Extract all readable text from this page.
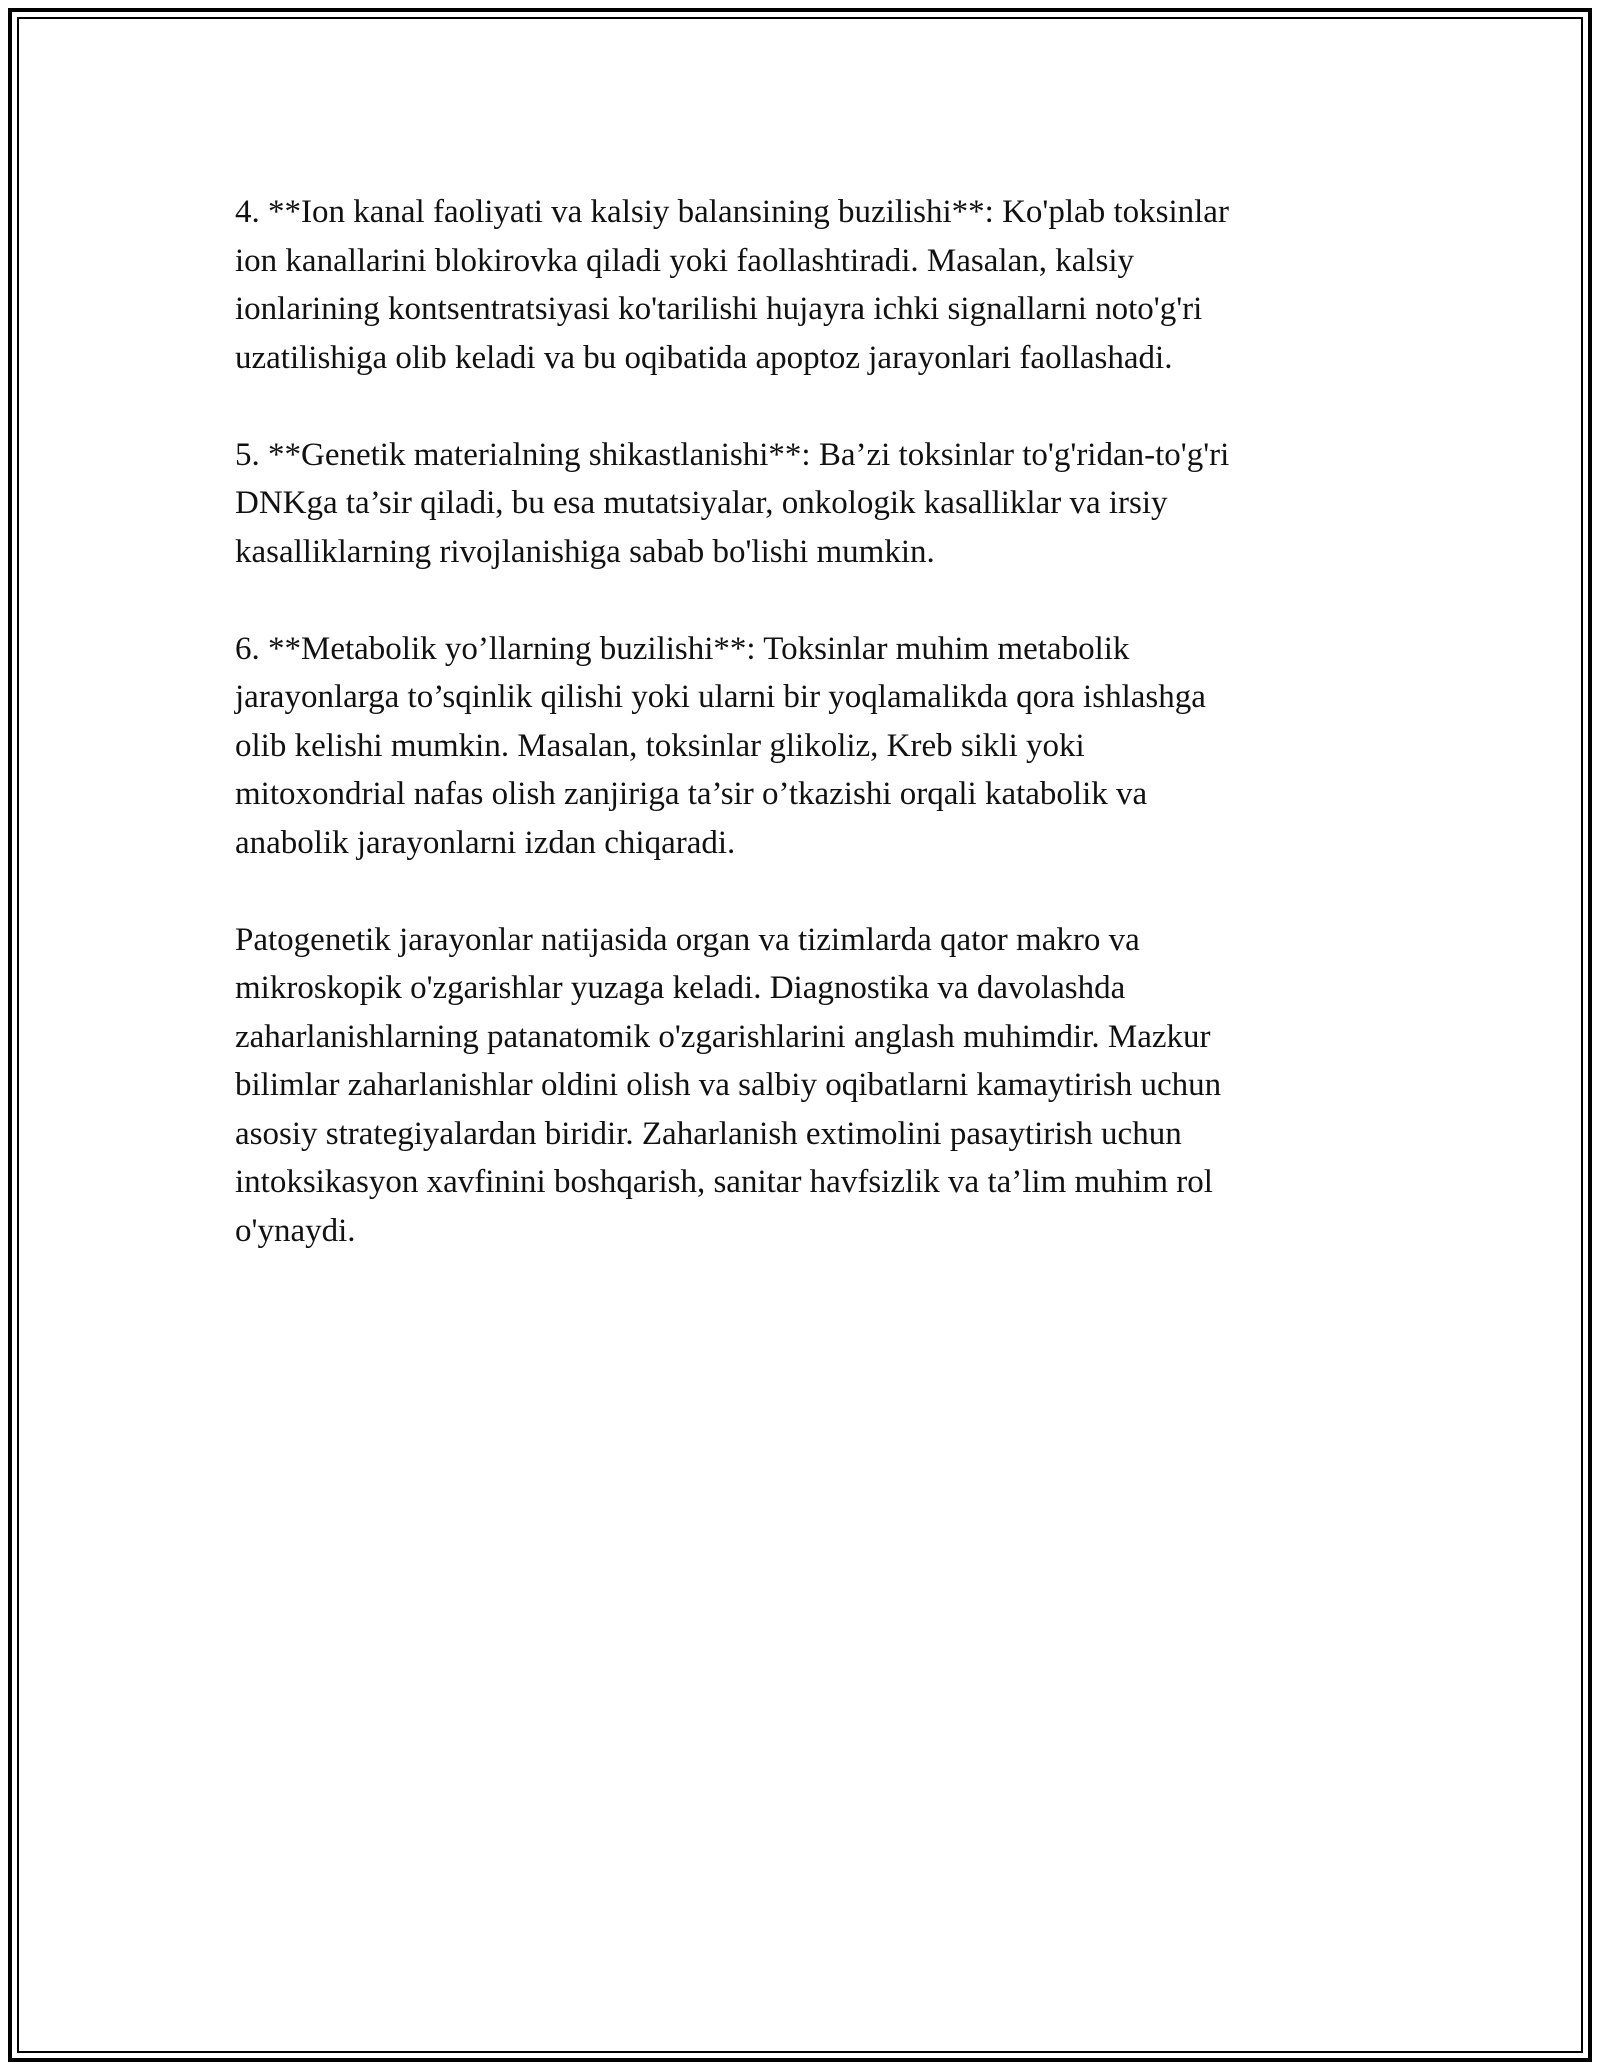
4. **Ion kanal faoliyati va kalsiy balansining buzilishi**: Ko'plab toksinlar
ion kanallarini blokirovka qiladi yoki faollashtiradi. Masalan, kalsiy
ionlarining kontsentratsiyasi ko'tarilishi hujayra ichki signallarni noto'g'ri
uzatilishiga olib keladi va bu oqibatida apoptoz jarayonlari faollashadi.

5. **Genetik materialning shikastlanishi**: Ba’zi toksinlar to'g'ridan-to'g'ri
DNKga ta’sir qiladi, bu esa mutatsiyalar, onkologik kasalliklar va irsiy
kasalliklarning rivojlanishiga sabab bo'lishi mumkin.

6. **Metabolik yo’llarning buzilishi**: Toksinlar muhim metabolik
jarayonlarga to’sqinlik qilishi yoki ularni bir yoqlamalikda qora ishlashga
olib kelishi mumkin. Masalan, toksinlar glikoliz, Kreb sikli yoki
mitoxondrial nafas olish zanjiriga ta’sir o’tkazishi orqali katabolik va
anabolik jarayonlarni izdan chiqaradi.

Patogenetik jarayonlar natijasida organ va tizimlarda qator makro va
mikroskopik o'zgarishlar yuzaga keladi. Diagnostika va davolashda
zaharlanishlarning patanatomik o'zgarishlarini anglash muhimdir. Mazkur
bilimlar zaharlanishlar oldini olish va salbiy oqibatlarni kamaytirish uchun
asosiy strategiyalardan biridir. Zaharlanish extimolini pasaytirish uchun
intoksikasyon xavfinini boshqarish, sanitar havfsizlik va ta’lim muhim rol
o'ynaydi.
